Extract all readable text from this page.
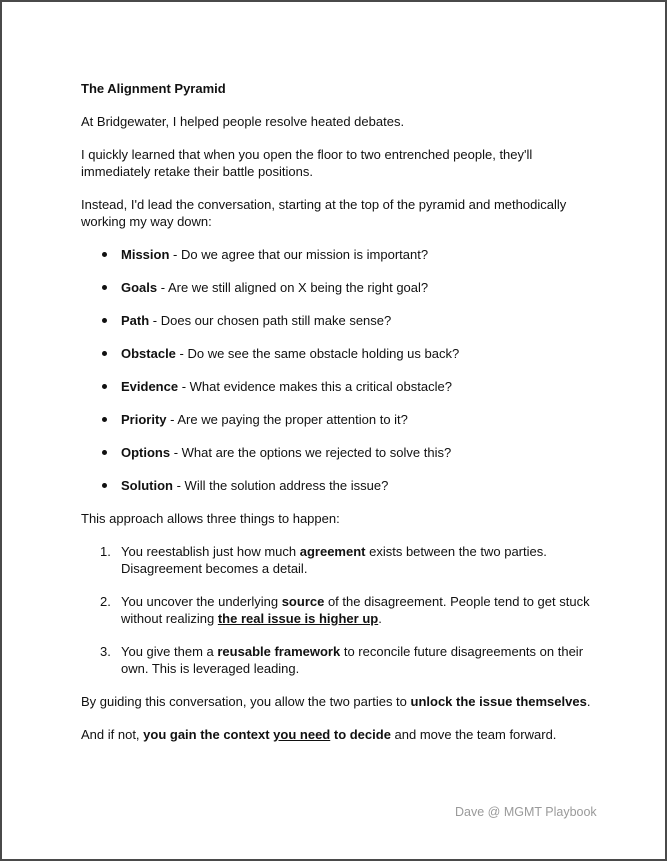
The Alignment Pyramid

At Bridgewater, I helped people resolve heated debates.

I quickly learned that when you open the floor to two entrenched people, they'll immediately retake their battle positions.

Instead, I'd lead the conversation, starting at the top of the pyramid and methodically working my way down:

Mission - Do we agree that our mission is important?
Goals - Are we still aligned on X being the right goal?
Path - Does our chosen path still make sense?
Obstacle - Do we see the same obstacle holding us back?
Evidence - What evidence makes this a critical obstacle?
Priority - Are we paying the proper attention to it?
Options - What are the options we rejected to solve this?
Solution - Will the solution address the issue?

This approach allows three things to happen:

1. You reestablish just how much agreement exists between the two parties. Disagreement becomes a detail.
2. You uncover the underlying source of the disagreement. People tend to get stuck without realizing the real issue is higher up.
3. You give them a reusable framework to reconcile future disagreements on their own. This is leveraged leading.

By guiding this conversation, you allow the two parties to unlock the issue themselves.

And if not, you gain the context you need to decide and move the team forward.

Dave @ MGMT Playbook
